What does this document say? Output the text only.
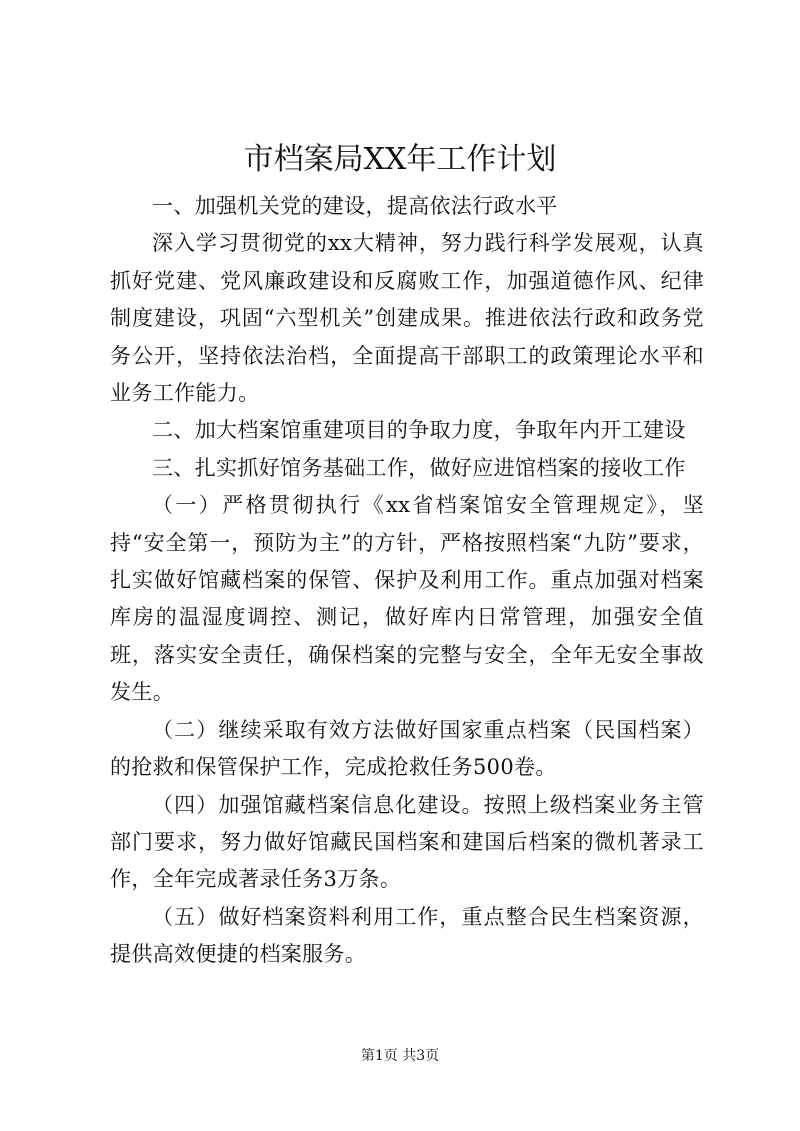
市档案局XX年工作计划

一、加强机关党的建设，提高依法行政水平

深入学习贯彻党的xx大精神，努力践行科学发展观，认真抓好党建、党风廉政建设和反腐败工作，加强道德作风、纪律制度建设，巩固“六型机关”创建成果。推进依法行政和政务党务公开，坚持依法治档，全面提高干部职工的政策理论水平和业务工作能力。

二、加大档案馆重建项目的争取力度，争取年内开工建设

三、扎实抓好馆务基础工作，做好应进馆档案的接收工作

（一）严格贯彻执行《xx省档案馆安全管理规定》，坚持“安全第一，预防为主”的方针，严格按照档案“九防”要求，扎实做好馆藏档案的保管、保护及利用工作。重点加强对档案库房的温湿度调控、测记，做好库内日常管理，加强安全值班，落实安全责任，确保档案的完整与安全，全年无安全事故发生。

（二）继续采取有效方法做好国家重点档案（民国档案）的抢救和保管保护工作，完成抢救任务500卷。

（四）加强馆藏档案信息化建设。按照上级档案业务主管部门要求，努力做好馆藏民国档案和建国后档案的微机著录工作，全年完成著录任务3万条。

（五）做好档案资料利用工作，重点整合民生档案资源，提供高效便捷的档案服务。

第1页 共3页
